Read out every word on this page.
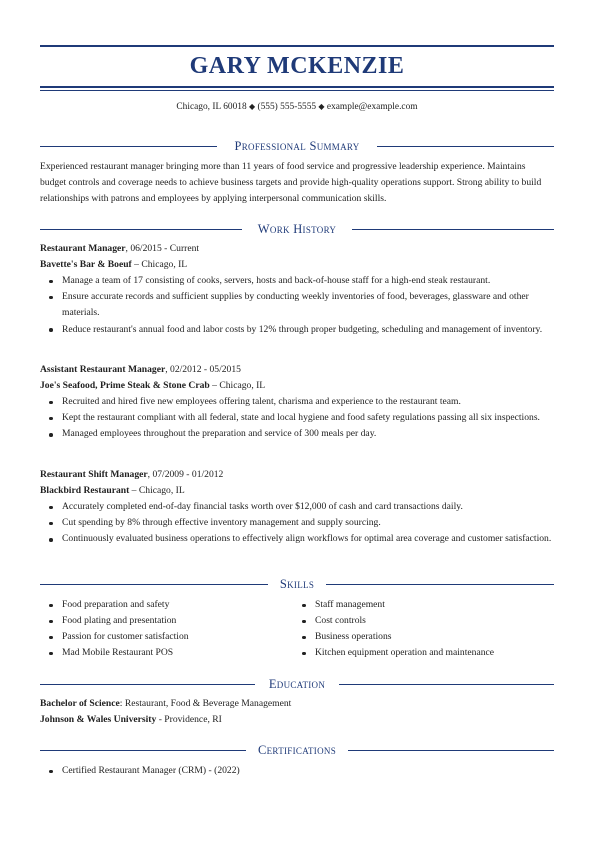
GARY MCKENZIE
Chicago, IL 60018 ◆ (555) 555-5555 ◆ example@example.com
Professional Summary

Experienced restaurant manager bringing more than 11 years of food service and progressive leadership experience. Maintains budget controls and coverage needs to achieve business targets and provide high-quality operations support. Strong ability to build relationships with patrons and employees by applying interpersonal communication skills.

Work History

Restaurant Manager, 06/2015 - Current

Bavette's Bar & Boeuf – Chicago, IL

Manage a team of 17 consisting of cooks, servers, hosts and back-of-house staff for a high-end steak restaurant.
Ensure accurate records and sufficient supplies by conducting weekly inventories of food, beverages, glassware and other materials.
Reduce restaurant's annual food and labor costs by 12% through proper budgeting, scheduling and management of inventory.

Assistant Restaurant Manager, 02/2012 - 05/2015

Joe's Seafood, Prime Steak & Stone Crab – Chicago, IL

Recruited and hired five new employees offering talent, charisma and experience to the restaurant team.
Kept the restaurant compliant with all federal, state and local hygiene and food safety regulations passing all six inspections.
Managed employees throughout the preparation and service of 300 meals per day.

Restaurant Shift Manager, 07/2009 - 01/2012

Blackbird Restaurant – Chicago, IL

Accurately completed end-of-day financial tasks worth over $12,000 of cash and card transactions daily.
Cut spending by 8% through effective inventory management and supply sourcing.
Continuously evaluated business operations to effectively align workflows for optimal area coverage and customer satisfaction.
Skills
Food preparation and safety
Food plating and presentation
Passion for customer satisfaction
Mad Mobile Restaurant POS
Staff management
Cost controls
Business operations
Kitchen equipment operation and maintenance
Education

Bachelor of Science: Restaurant, Food & Beverage Management

Johnson & Wales University - Providence, RI

Certifications
Certified Restaurant Manager (CRM) - (2022)
